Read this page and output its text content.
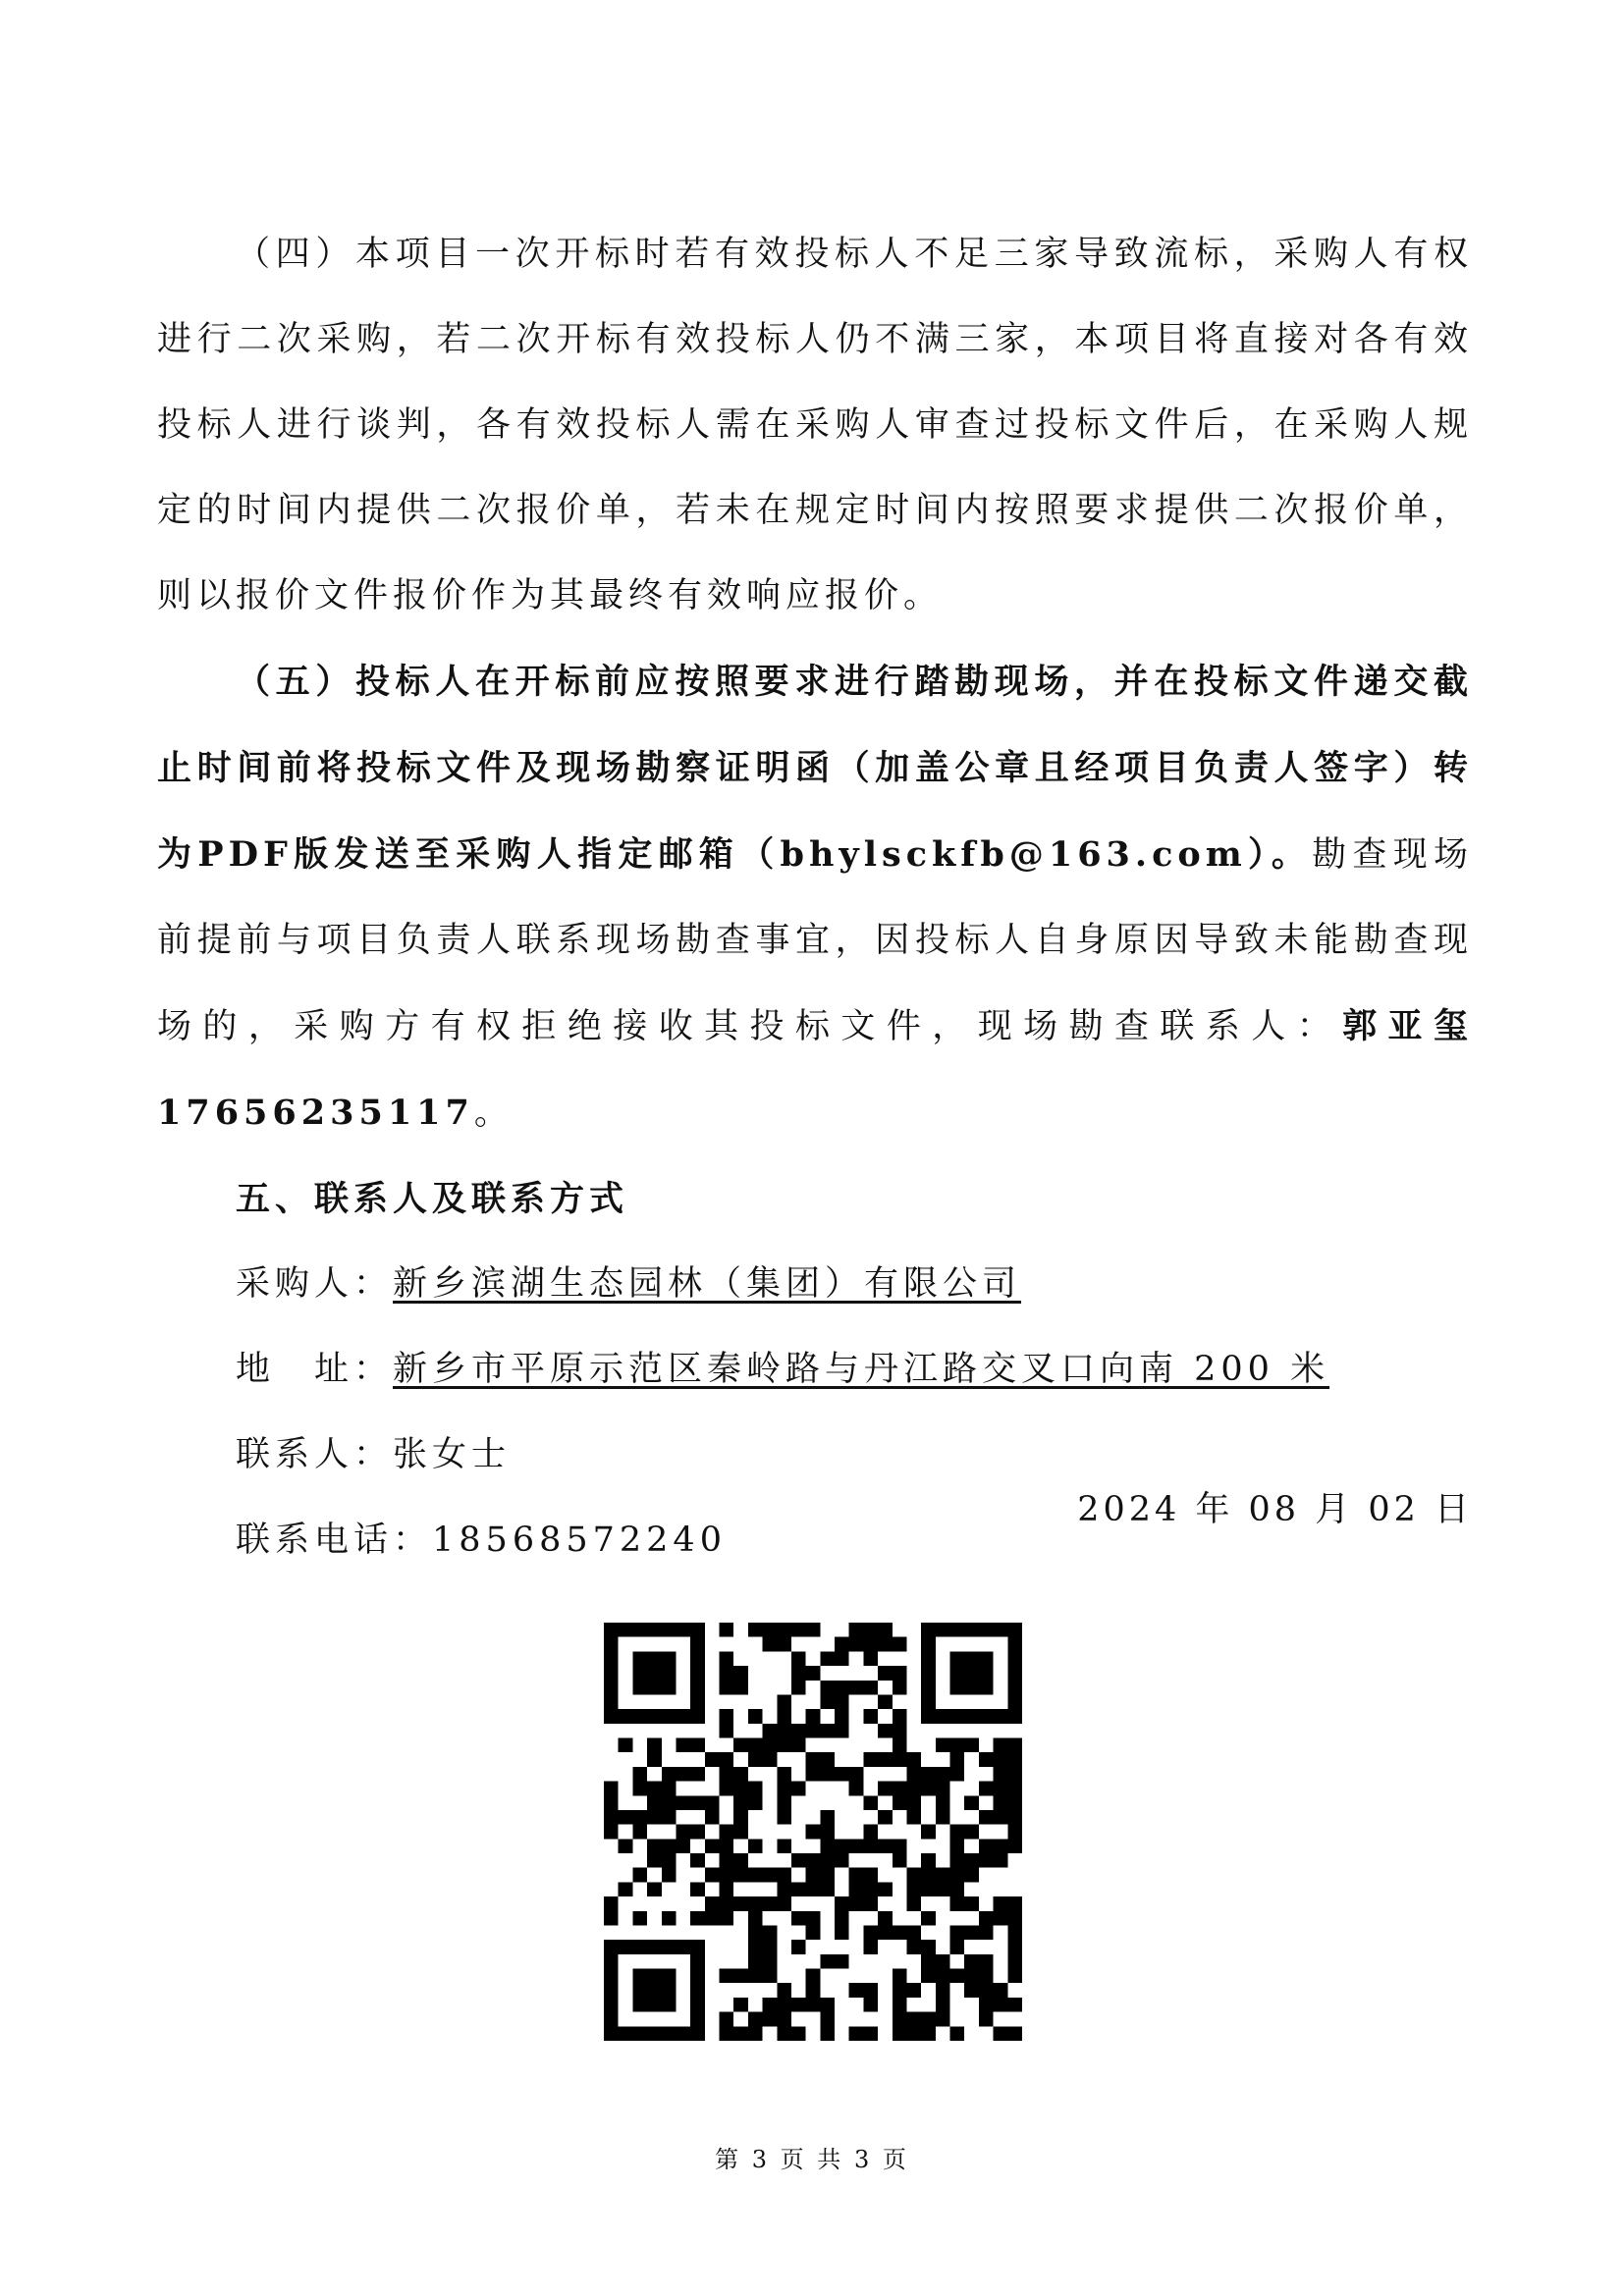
（四）本项目一次开标时若有效投标人不足三家导致流标，采购人有权进行二次采购，若二次开标有效投标人仍不满三家，本项目将直接对各有效投标人进行谈判，各有效投标人需在采购人审查过投标文件后，在采购人规定的时间内提供二次报价单，若未在规定时间内按照要求提供二次报价单，则以报价文件报价作为其最终有效响应报价。

（五）投标人在开标前应按照要求进行踏勘现场，并在投标文件递交截止时间前将投标文件及现场勘察证明函（加盖公章且经项目负责人签字）转为PDF版发送至采购人指定邮箱（bhylsckfb@163.com）。勘查现场前提前与项目负责人联系现场勘查事宜，因投标人自身原因导致未能勘查现场的，采购方有权拒绝接收其投标文件，现场勘查联系人：郭亚玺 17656235117。

五、联系人及联系方式

采购人：新乡滨湖生态园林（集团）有限公司

地　址：新乡市平原示范区秦岭路与丹江路交叉口向南 200 米

联系人：张女士

联系电话：18568572240

2024 年 08 月 02 日
第 3 页 共 3 页
